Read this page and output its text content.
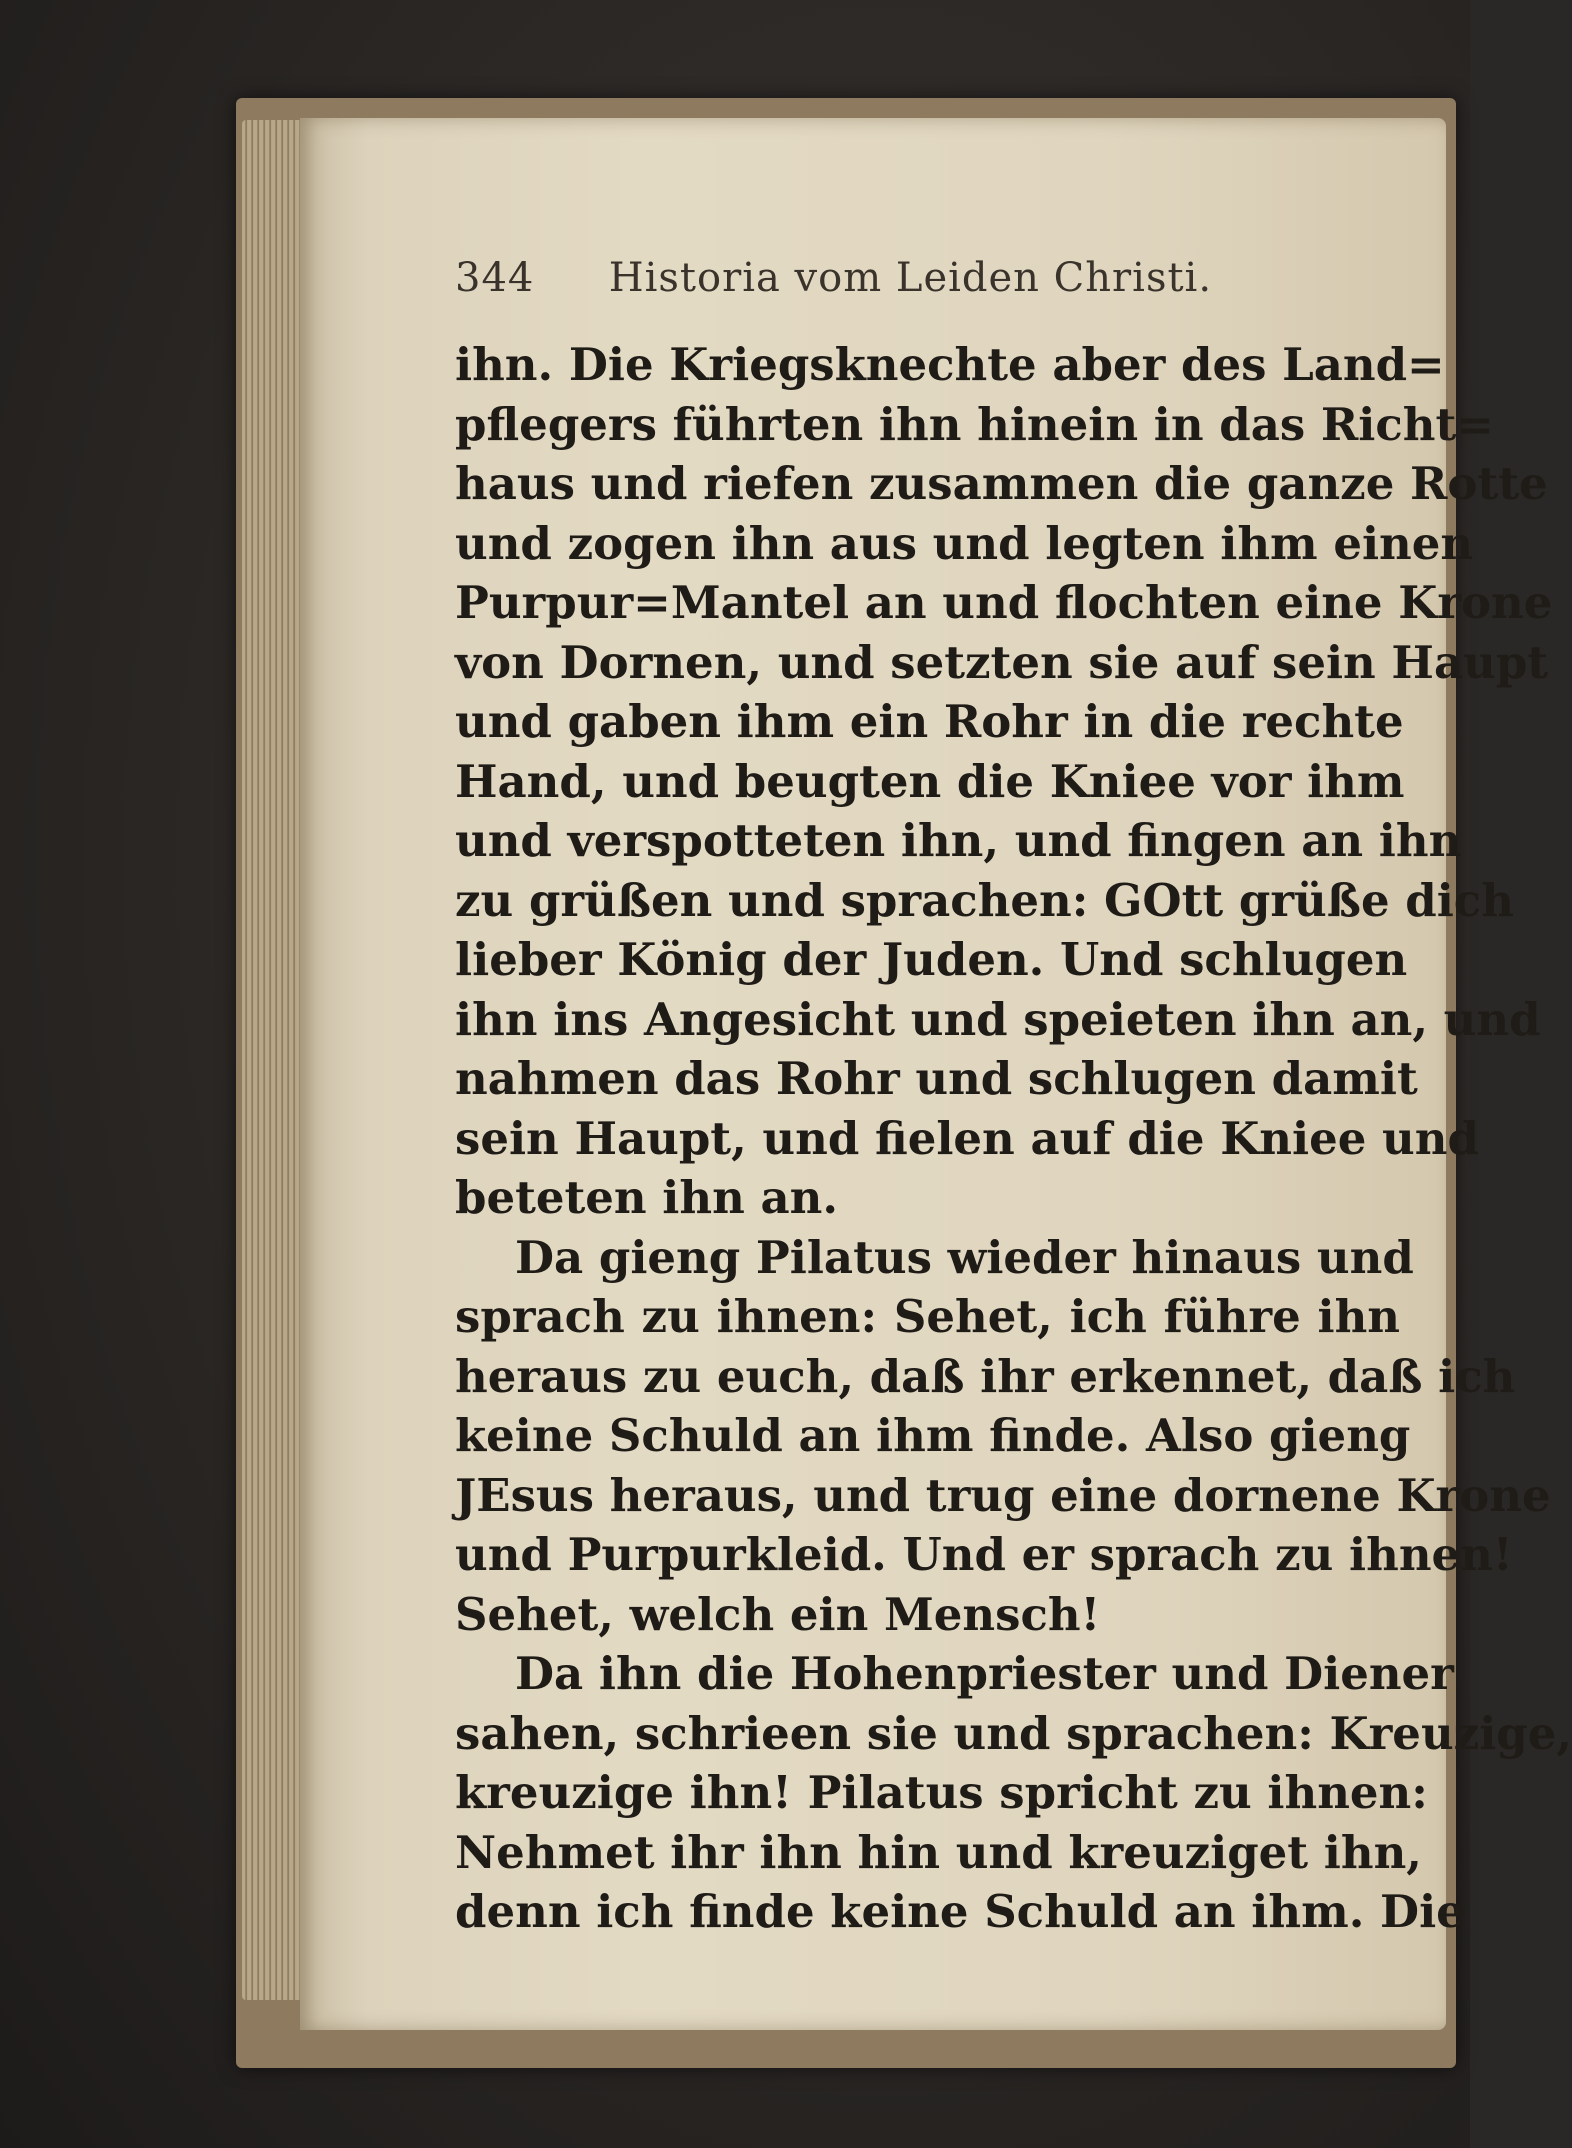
344 Historia vom Leiden Christi.
ihn. Die Kriegsknechte aber des Land=
pflegers führten ihn hinein in das Richt=
haus und riefen zusammen die ganze Rotte
und zogen ihn aus und legten ihm einen
Purpur=Mantel an und flochten eine Krone
von Dornen, und setzten sie auf sein Haupt
und gaben ihm ein Rohr in die rechte
Hand, und beugten die Kniee vor ihm
und verspotteten ihn, und fingen an ihn
zu grüßen und sprachen: GOtt grüße dich
lieber König der Juden. Und schlugen
ihn ins Angesicht und speieten ihn an, und
nahmen das Rohr und schlugen damit
sein Haupt, und fielen auf die Kniee und
beteten ihn an.
Da gieng Pilatus wieder hinaus und
sprach zu ihnen: Sehet, ich führe ihn
heraus zu euch, daß ihr erkennet, daß ich
keine Schuld an ihm finde. Also gieng
JEsus heraus, und trug eine dornene Krone
und Purpurkleid. Und er sprach zu ihnen!
Sehet, welch ein Mensch!
Da ihn die Hohenpriester und Diener
sahen, schrieen sie und sprachen: Kreuzige,
kreuzige ihn! Pilatus spricht zu ihnen:
Nehmet ihr ihn hin und kreuziget ihn,
denn ich finde keine Schuld an ihm. Die
